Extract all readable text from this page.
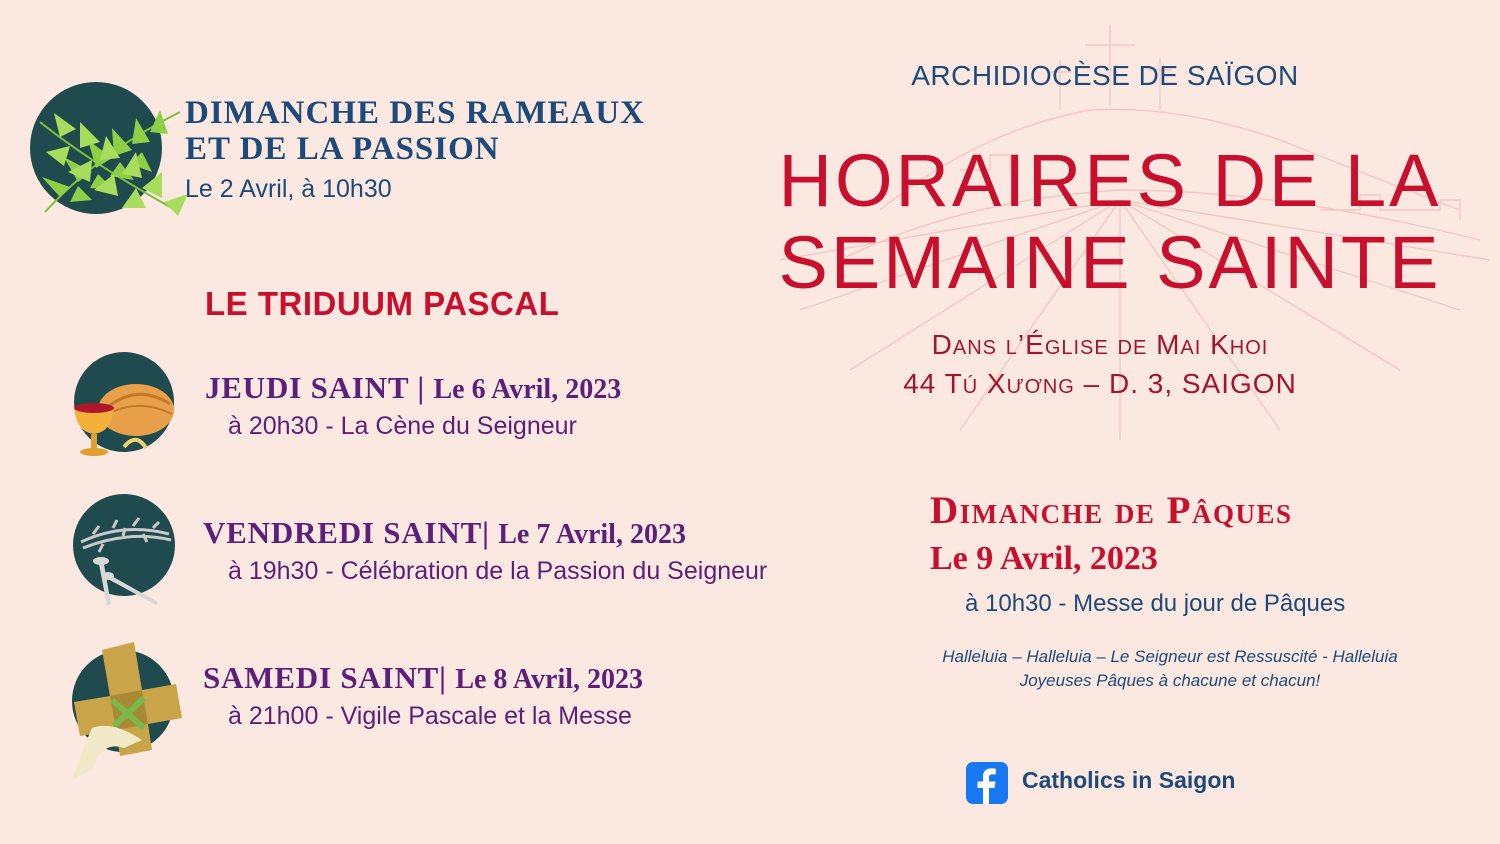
DIMANCHE DES RAMEAUX
ET DE LA PASSION
Le 2 Avril, à 10h30
LE TRIDUUM PASCAL
JEUDI SAINT | Le 6 Avril, 2023
à 20h30 - La Cène du Seigneur
VENDREDI SAINT| Le 7 Avril, 2023
à 19h30 - Célébration de la Passion du Seigneur
SAMEDI SAINT| Le 8 Avril, 2023
à 21h00 - Vigile Pascale et la Messe
ARCHIDIOCÈSE DE SAÏGON
HORAIRES DE LA
SEMAINE SAINTE
Dans l’Église de Mai Khoi
44 Tú Xương – D. 3, SAIGON
Dimanche de Pâques
Le 9 Avril, 2023
à 10h30 - Messe du jour de Pâques
Halleluia – Halleluia – Le Seigneur est Ressuscité - Halleluia
Joyeuses Pâques à chacune et chacun!
Catholics in Saigon
